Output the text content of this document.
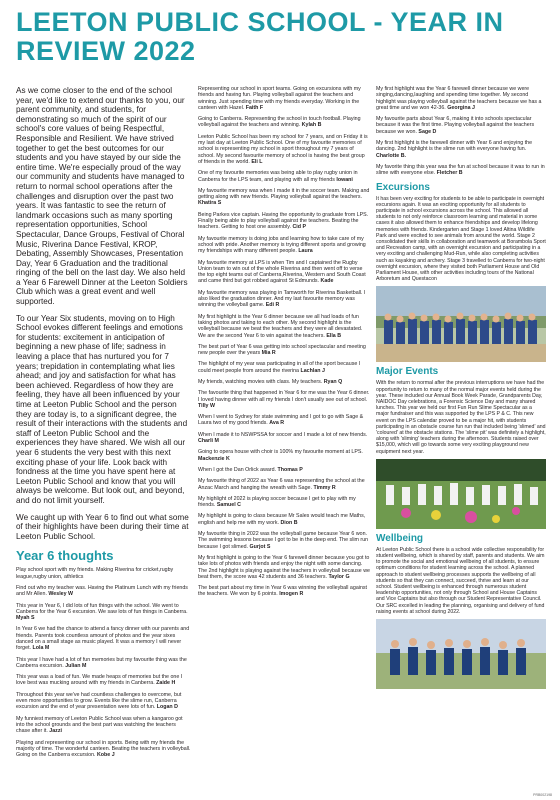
LEETON PUBLIC SCHOOL - YEAR IN REVIEW 2022

As we come closer to the end of the school year, we'd like to extend our thanks to you, our parent community, and students, for demonstrating so much of the spirit of our school's core values of being Respectful, Responsible and Resilient. We have strived together to get the best outcomes for our students and you have stayed by our side the entire time. We're especially proud of the way our community and students have managed to return to normal school operations after the challenges and disruption over the past two years. It was fantastic to see the return of landmark occasions such as many sporting representation opportunities, School Spectacular, Dance Groups, Festival of Choral Music, Riverina Dance Festival, KROP, Debating, Assembly Showcases, Presentation Day, Year 6 Graduation and the traditional ringing of the bell on the last day. We also held a Year 6 Farewell Dinner at the Leeton Soldiers Club which was a great event and well supported.

To our Year Six students, moving on to High School evokes different feelings and emotions for students: excitement in anticipation of beginning a new phase of life; sadness in leaving a place that has nurtured you for 7 years; trepidation in contemplating what lies ahead; and joy and satisfaction for what has been achieved. Regardless of how they are feeling, they have all been influenced by your time at Leeton Public School and the person they are today is, to a significant degree, the result of their interactions with the students and staff of Leeton Public School and the experiences they have shared. We wish all our year 6 students the very best with this next exciting phase of your life. Look back with fondness at the time you have spent here at Leeton Public School and know that you will always be welcome. But look out, and beyond, and do not limit yourself.

We caught up with Year 6 to find out what some of their highlights have been during their time at Leeton Public School.

Year 6 thoughts

Play school sport with my friends. Making Riverina for cricket,rugby league,rugby union, athletics

Find out who my teacher was. Having the Platinum Lunch with my friends and Mr Allen. Wesley W

This year in Year 6, I did lots of fun things with the school. We went to Canberra for the Year 6 excursion. We saw lots of fun things in Canberra. Myah S

In Year 6 we had the chance to attend a fancy dinner with our parents and friends. Parents took countless amount of photos and the year sixes danced on a small stage as music played. It was a memory I will never forget. Lola M

This year I have had a lot of fun memories but my favourite thing was the Canberra excursion. Julian M

This year was a load of fun. We made heaps of memories but the one I love best was mucking around with my friends in Canberra. Zaide H

Throughout this year we've had countless challenges to overcome, but even more opportunities to grow. Events like the slime run, Canberra excursion and the end of year presentation were lots of fun. Logan D

My funniest memory of Leeton Public School was when a kangaroo got into the school grounds and the best part was watching the teachers chase after it. Jazzi

Playing and representing our school in sports. Being with my friends the majority of time. The wonderful canteen. Beating the teachers in volleyball. Going on the Canberra excursion. Kobe J

Representing our school in sport teams. Going on excursions with my friends and having fun. Playing volleyball against the teachers and winning. Just spending time with my friends everyday. Working in the canteen with Hazel. Faith F

Going to Canberra. Representing the school in touch football. Playing volleyball against the teachers and winning. Kylah B

Leeton Public School has been my school for 7 years, and on Friday it is my last day at Leeton Public School. One of my favourite memories of school is representing my school in sport throughout my 7 years of school. My second favourite memory of school is having the best group of friends in the world. Eli L

One of my favourite memories was being able to play rugby union in Canberra for the LPS team, and playing with all my friends Iowani

My favourite memory was when I made it in the soccer team. Making and getting along with new friends. Playing volleyball against the teachers. Khatira S

Being Parkes vice captain. Having the opportunity to graduate from LPS. Finally being able to play volleyball against the teachers. Beating the teachers. Getting to host one assembly. Cid P

My favourite memory is doing jobs and learning how to take care of my school with pride. Another memory is trying different sports and growing my friendships with many different people. Laura

My favourite memory at LPS is when Tim and I captained the Rugby Union team to win out of the whole Riverina and then went off to verse the top eight teams out of Canberra,Riverina, Western and South Coast and came third but got robbed against St Edmunds. Kade

My favourite memory was playing in Tamworth for Riverina Basketball. I also liked the graduation dinner. And my last favourite memory was winning the volleyball game. Edi R

My first highlight is the Year 6 dinner because we all had loads of fun taking photos and taking to each other. My second highlight is the volleyball because we beat the teachers and they were all devastated. We are the second Year 6 to win against the teachers. Ella B

The best part of Year 6 was getting into school spectacular and meeting new people over the years Mia R

The highlight of my year was participating in all of the sport because I could meet people from around the riverina Lachlan J

My friends, watching movies with class. My teachers. Ryan Q

The favourite thing that happened in Year 6 for me was the Year 6 dinner. I loved having dinner with all my friends I don't usually see out of school. Tilly W

When I went to Sydney for state swimming and I got to go with Sage & Laura two of my good friends. Ava R

When I made it to NSWPSSA for soccer and I made a lot of new friends. Charli M

Going to opera house with choir is 100% my favourite moment at LPS. Mackenzie K

When I got the Dan Orlick award. Thomas P

My favourite thing of 2022 as Year 6 was representing the school at the Anzac March and hanging the wreath with Sage. Timmy R

My highlight of 2022 is playing soccer because I get to play with my friends. Samuel C

My highlight is going to class because Mr Sales would teach me Maths, english and help me with my work. Dion B

My favourite thing in 2022 was the volleyball game because Year 6 won. The swimming lessons because I got to be in the deep end. The slim run because I got slimed. Gurjot S

My first highlight is going to the Year 6 farewell dinner because you got to take lots of photos with friends and enjoy the night with some dancing. The 2nd highlight is playing against the teachers in volleyball because we beat them, the score was 42 students and 36 teachers. Taylor G

The best part about my time in Year 6 was winning the volleyball against the teachers. We won by 6 points. Imogen R

My first highlight was the Year 6 farewell dinner because we were singing,dancing,laughing and spending time together. My second highlight was playing volleyball against the teachers because we has a great time and we won 42-36. Georgina J

My favourite parts about Year 6, making it into schools spectacular because it was the first time. Playing volleyball against the teachers because we won. Sage D

My first highlight is the farewell dinner with Year 6 and enjoying the dancing. 2nd highlight is the slime run with everyone having fun. Charlotte B.

My favorite thing this year was the fun at school because it was to run in slime with everyone else. Fletcher B

Excursions

It has been very exciting for students to be able to participate in overnight excursions again. It was an exciting opportunity for all students to participate in school excursions across the school. This allowed all students to not only reinforce classroom learning and material in some cases it also allowed them to enhance friendships and develop lifelong memories with friends. Kindergarten and Stage 1 loved Altina Wildlife Park and were excited to see animals from around the world. Stage 2 consolidated their skills in collaboration and teamwork at Borambola Sport and Recreation camp, with an overnight excursion and participating in a very exciting and challenging Mud-Run, while also completing activities such as kayaking and archery. Stage 3 travelled to Canberra for two-night overnight excursion, where they visited both Parliament House and Old Parliament House, with other activities including tours of the National Arboretum and Questacon

Major Events

With the return to normal after the previous interruptions we have had the opportunity to return to many of the normal major events held during the year. These included our Annual Book Week Parade, Grandparents Day, NAIDOC Day celebrations, a Forensic Science Day and many shared lunches. This year we held our first Fun Run Slime Spectacular as a major fundraiser and this was supported by the LPS P & C. This new event on the LPS calendar proved to be a major hit, with students participating in an obstacle course fun run that included being 'slimed' and 'coloured' at the obstacle stations. The 'slime pit' was definitely a highlight, along with 'sliming' teachers during the afternoon. Students raised over $15,000, which will go towards some very exciting playground new equipment next year.

Wellbeing

At Leeton Public School there is a school wide collective responsibility for student wellbeing, which is shared by staff, parents and students. We aim to promote the social and emotional wellbeing of all students, to ensure optimum conditions for student learning across the school. A planned approach to student wellbeing processes supports the wellbeing of all students so that they can connect, succeed, thrive and learn at our school. Student wellbeing is enhanced through numerous student leadership opportunities, not only through School and House Captains and Vice Captains but also through our Student Representative Council. Our SRC excelled in leading the planning, organising and delivery of fund raising events at school during 2022.

PRB002198
